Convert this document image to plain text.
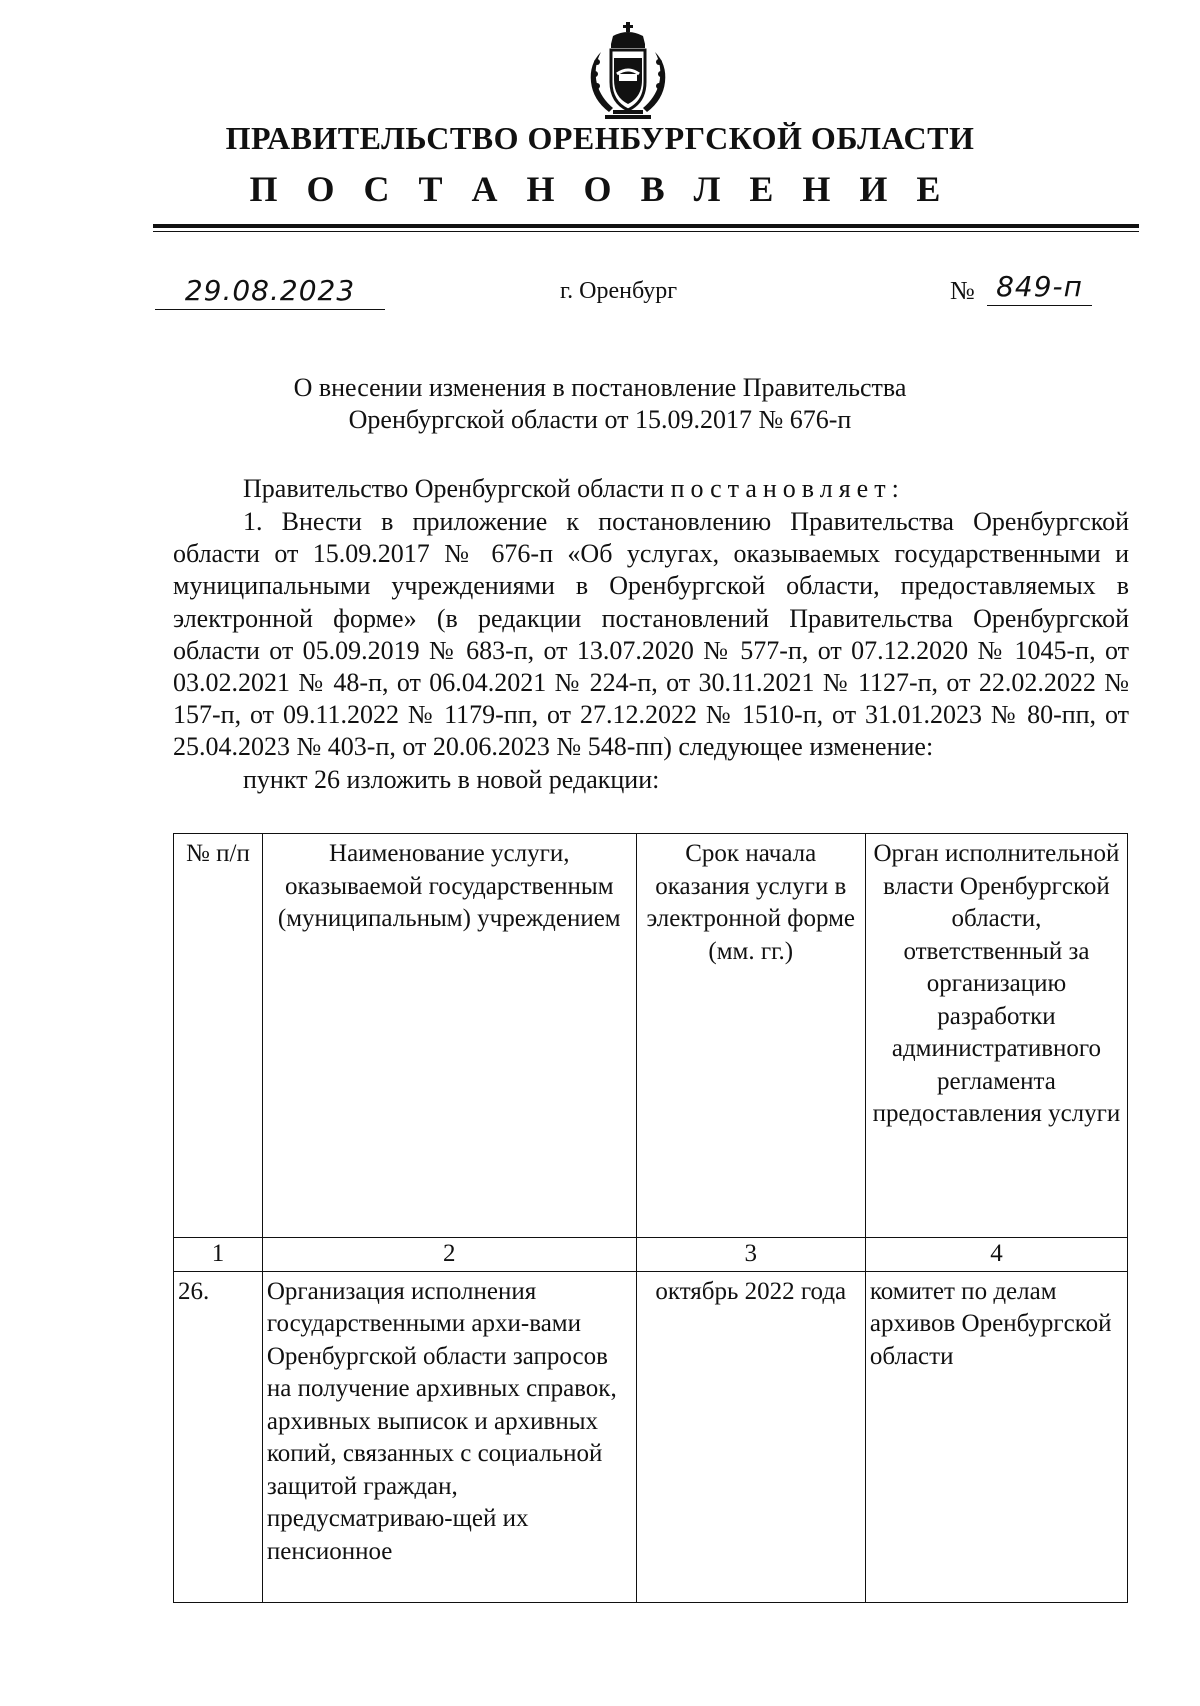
ПРАВИТЕЛЬСТВО ОРЕНБУРГСКОЙ ОБЛАСТИ
П О С Т А Н О В Л Е Н И Е
29.08.2023	г. Оренбург	№ 849-п
О внесении изменения в постановление Правительства
Оренбургской области от 15.09.2017 № 676-п
Правительство Оренбургской области постановляет:

1. Внести в приложение к постановлению Правительства Оренбургской области от 15.09.2017 № 676-п «Об услугах, оказываемых государственными и муниципальными учреждениями в Оренбургской области, предоставляемых в электронной форме» (в редакции постановлений Правительства Оренбургской области от 05.09.2019 № 683-п, от 13.07.2020 № 577-п, от 07.12.2020 № 1045-п, от 03.02.2021 № 48-п, от 06.04.2021 № 224-п, от 30.11.2021 № 1127-п, от 22.02.2022 № 157-п, от 09.11.2022 № 1179-пп, от 27.12.2022 № 1510-п, от 31.01.2023 № 80-пп, от 25.04.2023 № 403-п, от 20.06.2023 № 548-пп) следующее изменение:

пункт 26 изложить в новой редакции:

№ п/п	Наименование услуги, оказываемой государственным (муниципальным) учреждением	Срок начала оказания услуги в электронной форме (мм. гг.)	Орган исполнительной власти Оренбургской области, ответственный за организацию разработки административного регламента предоставления услуги
1	2	3	4
26.	Организация исполнения государственными архи-вами Оренбургской области запросов на получение архивных справок, архивных выписок и архивных копий, связанных с социальной защитой граждан, предусматриваю-щей их пенсионное	октябрь 2022 года	комитет по делам архивов Оренбургской области
